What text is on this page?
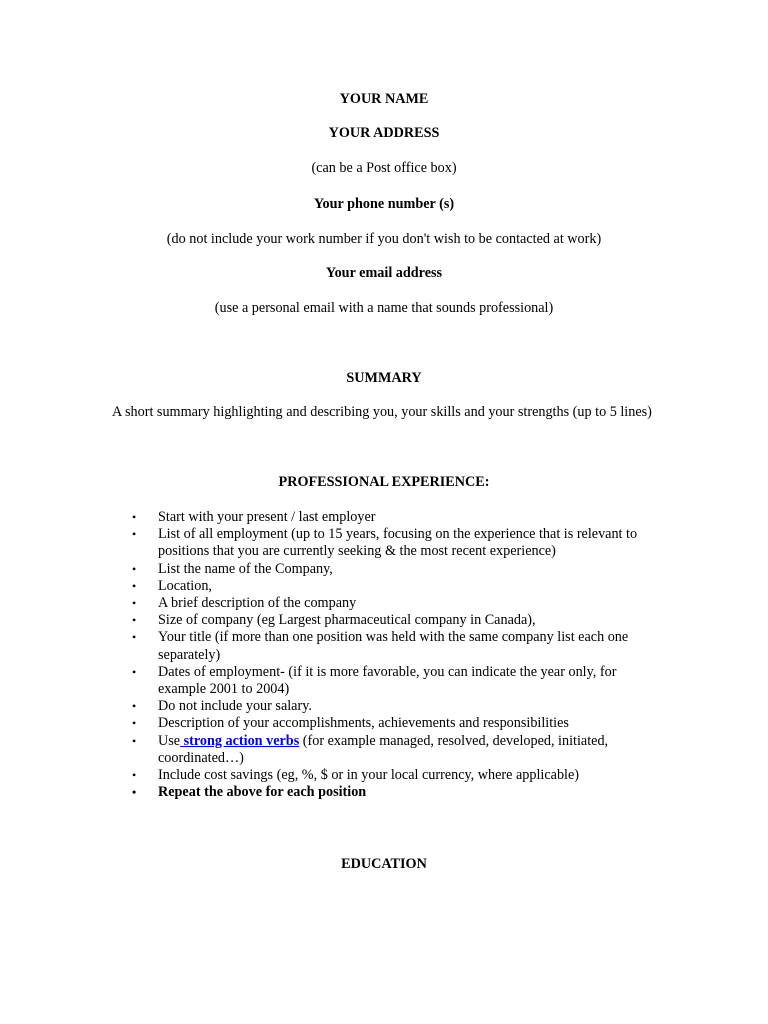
YOUR NAME
YOUR ADDRESS
(can be a Post office box)
Your phone number (s)
(do not include your work number if you don't wish to be contacted at work)
Your email address
(use a personal email with a name that sounds professional)
SUMMARY
A short summary highlighting and describing you, your skills and your strengths (up to 5 lines)
PROFESSIONAL EXPERIENCE:
• Start with your present / last employer
• List of all employment (up to 15 years, focusing on the experience that is relevant to positions that you are currently seeking & the most recent experience)
• List the name of the Company,
• Location,
• A brief description of the company
• Size of company (eg Largest pharmaceutical company in Canada),
• Your title (if more than one position was held with the same company list each one separately)
• Dates of employment- (if it is more favorable, you can indicate the year only, for example 2001 to 2004)
• Do not include your salary.
• Description of your accomplishments, achievements and responsibilities
• Use strong action verbs (for example managed, resolved, developed, initiated, coordinated…)
• Include cost savings (eg, %, $ or in your local currency, where applicable)
• Repeat the above for each position
EDUCATION
